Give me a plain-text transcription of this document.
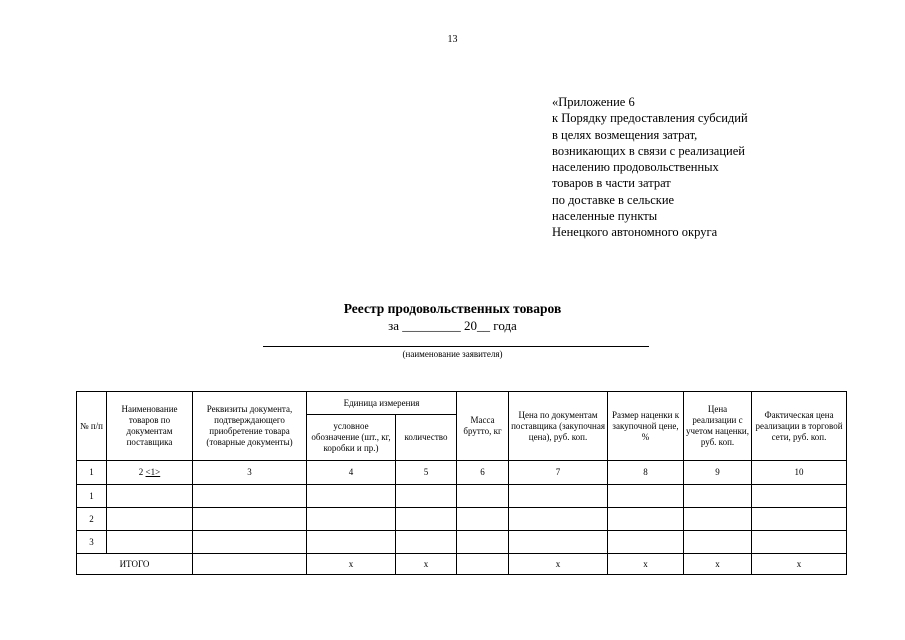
13
«Приложение 6
к Порядку предоставления субсидий
в целях возмещения затрат,
возникающих в связи с реализацией
населению продовольственных
товаров в части затрат
по доставке в сельские
населенные пункты
Ненецкого автономного округа
Реестр продовольственных товаров
за _________ 20__ года
(наименование заявителя)
№ п/п	Наименование товаров по документам поставщика	Реквизиты документа, подтверждающего приобретение товара (товарные документы)	Единица измерения		Масса брутто, кг	Цена по документам поставщика (закупочная цена), руб. коп.	Размер наценки к закупочной цене, %	Цена реализации с учетом наценки, руб. коп.	Фактическая цена реализации в торговой сети, руб. коп.
			условное обозначение (шт., кг, коробки и пр.)	количество					
1	2 <1>	3	4	5	6	7	8	9	10
1									
2									
3									
ИТОГО			x	x		x	x	x	x
